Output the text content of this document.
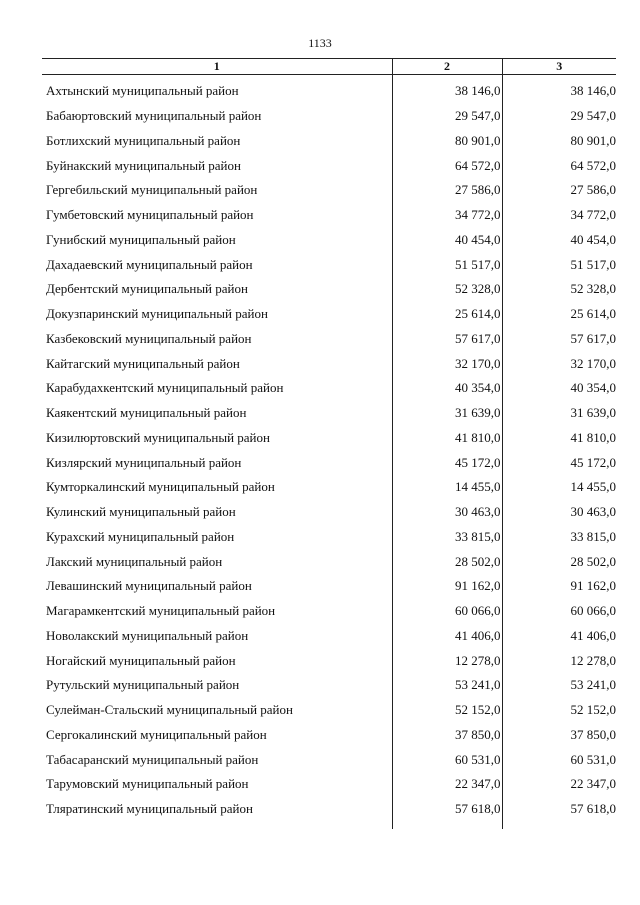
1133
1	2	3
Ахтынский муниципальный район	38 146,0	38 146,0
Бабаюртовский муниципальный район	29 547,0	29 547,0
Ботлихский муниципальный район	80 901,0	80 901,0
Буйнакский муниципальный район	64 572,0	64 572,0
Гергебильский муниципальный район	27 586,0	27 586,0
Гумбетовский муниципальный район	34 772,0	34 772,0
Гунибский муниципальный район	40 454,0	40 454,0
Дахадаевский муниципальный район	51 517,0	51 517,0
Дербентский муниципальный район	52 328,0	52 328,0
Докузпаринский муниципальный район	25 614,0	25 614,0
Казбековский муниципальный район	57 617,0	57 617,0
Кайтагский муниципальный район	32 170,0	32 170,0
Карабудахкентский муниципальный район	40 354,0	40 354,0
Каякентский муниципальный район	31 639,0	31 639,0
Кизилюртовский муниципальный район	41 810,0	41 810,0
Кизлярский муниципальный район	45 172,0	45 172,0
Кумторкалинский муниципальный район	14 455,0	14 455,0
Кулинский муниципальный район	30 463,0	30 463,0
Курахский муниципальный район	33 815,0	33 815,0
Лакский муниципальный район	28 502,0	28 502,0
Левашинский муниципальный район	91 162,0	91 162,0
Магарамкентский муниципальный район	60 066,0	60 066,0
Новолакский муниципальный район	41 406,0	41 406,0
Ногайский муниципальный район	12 278,0	12 278,0
Рутульский муниципальный район	53 241,0	53 241,0
Сулейман-Стальский муниципальный район	52 152,0	52 152,0
Сергокалинский муниципальный район	37 850,0	37 850,0
Табасаранский муниципальный район	60 531,0	60 531,0
Тарумовский муниципальный район	22 347,0	22 347,0
Тляратинский муниципальный район	57 618,0	57 618,0
